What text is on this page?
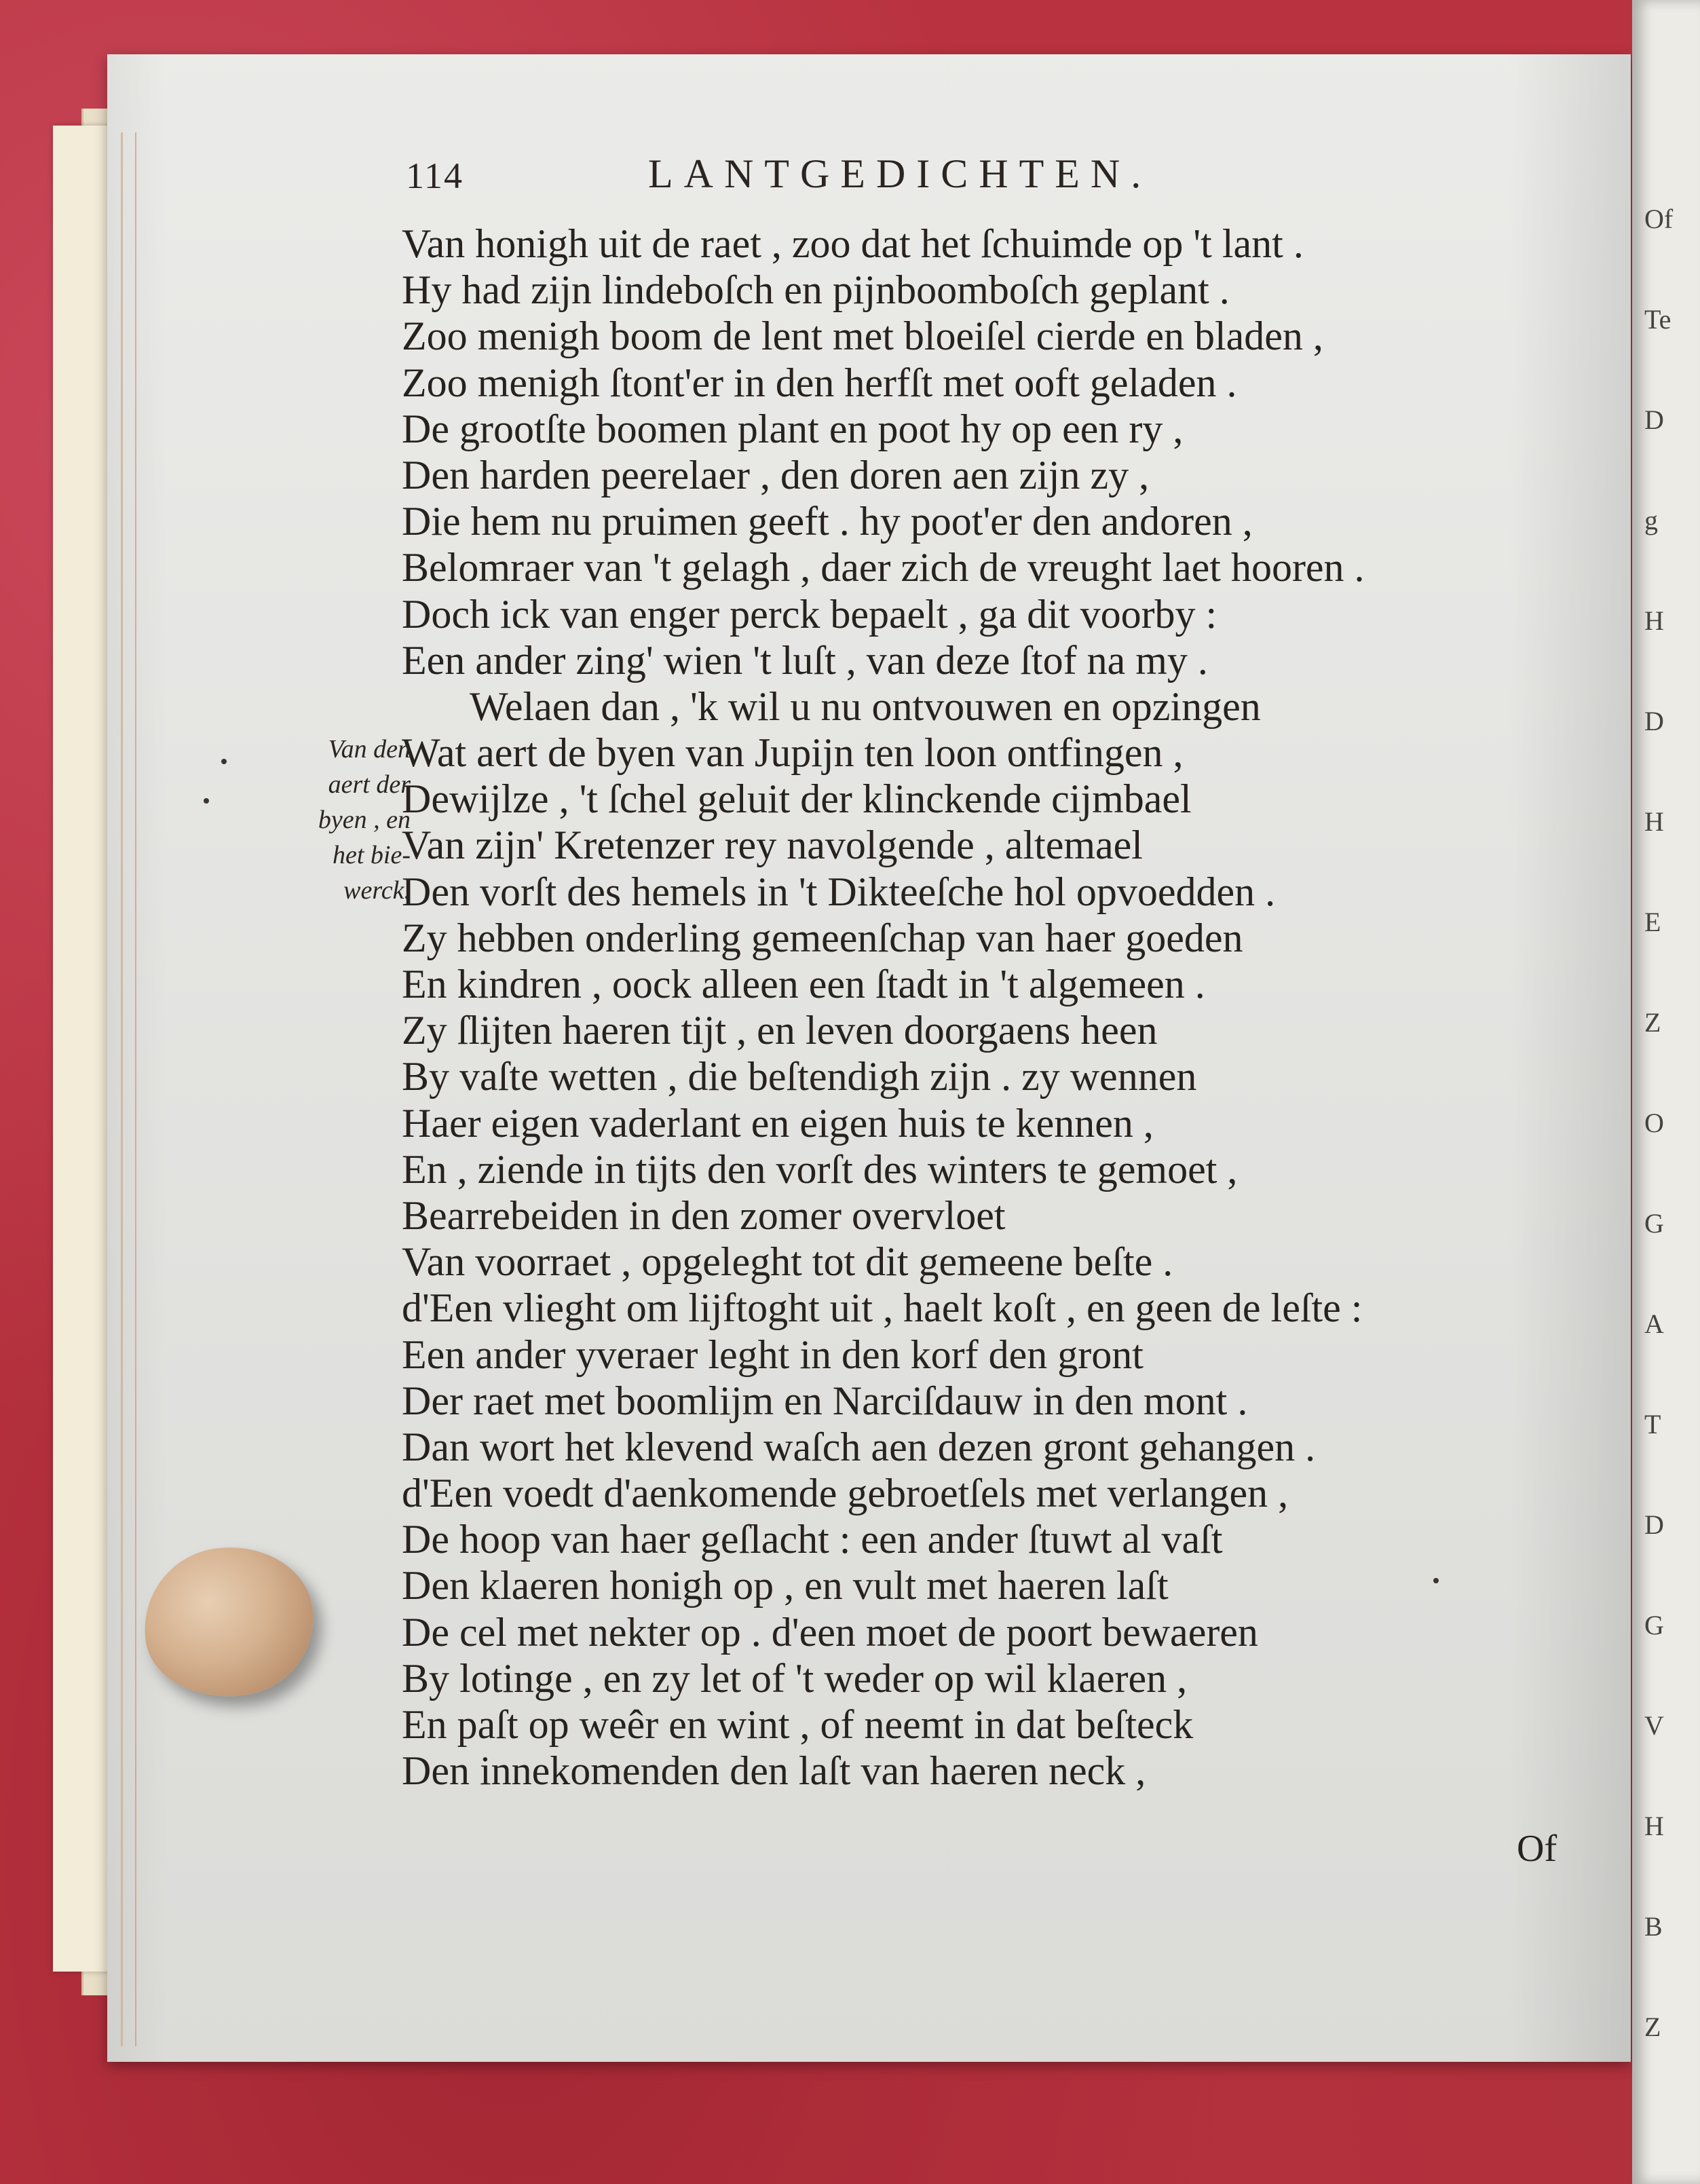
Of
Te
D
g
H
D
H
E
Z
O
G
A
T
D
G
V
H
B
Z
114	LANTGEDICHTEN.
Van honigh uit de raet , zoo dat het ſchuimde op 't lant .
Hy had zijn lindeboſch en pijnboomboſch geplant .
Zoo menigh boom de lent met bloeiſel cierde en bladen ,
Zoo menigh ſtont'er in den herfſt met ooft geladen .
De grootſte boomen plant en poot hy op een ry ,
Den harden peerelaer , den doren aen zijn zy ,
Die hem nu pruimen geeft . hy poot'er den andoren ,
Belomraer van 't gelagh , daer zich de vreught laet hooren .
Doch ick van enger perck bepaelt , ga dit voorby :
Een ander zing' wien 't luſt , van deze ſtof na my .
Welaen dan , 'k wil u nu ontvouwen en opzingen
Wat aert de byen van Jupijn ten loon ontfingen ,
Dewijlze , 't ſchel geluit der klinckende cijmbael
Van zijn' Kretenzer rey navolgende , altemael
Den vorſt des hemels in 't Dikteeſche hol opvoedden .
Zy hebben onderling gemeenſchap van haer goeden
En kindren , oock alleen een ſtadt in 't algemeen .
Zy ſlijten haeren tijt , en leven doorgaens heen
By vaſte wetten , die beſtendigh zijn . zy wennen
Haer eigen vaderlant en eigen huis te kennen ,
En , ziende in tijts den vorſt des winters te gemoet ,
Bearrebeiden in den zomer overvloet
Van voorraet , opgeleght tot dit gemeene beſte .
d'Een vlieght om lijftoght uit , haelt koſt , en geen de leſte :
Een ander yveraer leght in den korf den gront
Der raet met boomlijm en Narciſdauw in den mont .
Dan wort het klevend waſch aen dezen gront gehangen .
d'Een voedt d'aenkomende gebroetſels met verlangen ,
De hoop van haer geſlacht : een ander ſtuwt al vaſt
Den klaeren honigh op , en vult met haeren laſt
De cel met nekter op . d'een moet de poort bewaeren
By lotinge , en zy let of 't weder op wil klaeren ,
En paſt op weêr en wint , of neemt in dat beſteck
Den innekomenden den laſt van haeren neck ,
Van den
aert der
byen , en
het bie-
werck.
Of
